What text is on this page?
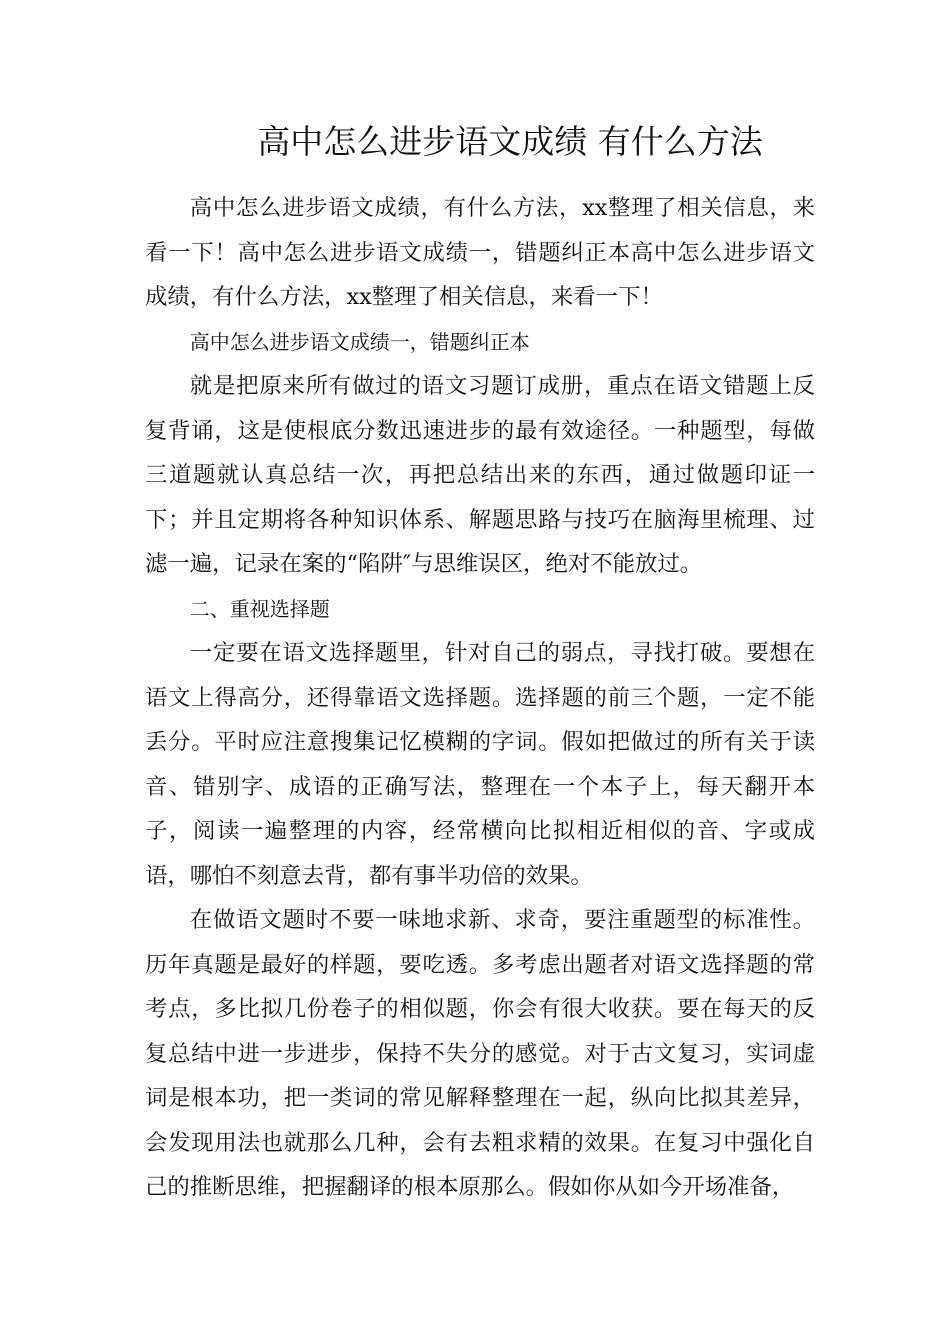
高中怎么进步语文成绩 有什么方法

高中怎么进步语文成绩，有什么方法，xx整理了相关信息，来看一下！高中怎么进步语文成绩一，错题纠正本高中怎么进步语文成绩，有什么方法，xx整理了相关信息，来看一下！

高中怎么进步语文成绩一，错题纠正本

就是把原来所有做过的语文习题订成册，重点在语文错题上反复背诵，这是使根底分数迅速进步的最有效途径。一种题型，每做三道题就认真总结一次，再把总结出来的东西，通过做题印证一下；并且定期将各种知识体系、解题思路与技巧在脑海里梳理、过滤一遍，记录在案的“陷阱″与思维误区，绝对不能放过。

二、重视选择题

一定要在语文选择题里，针对自己的弱点，寻找打破。要想在语文上得高分，还得靠语文选择题。选择题的前三个题，一定不能丢分。平时应注意搜集记忆模糊的字词。假如把做过的所有关于读音、错别字、成语的正确写法，整理在一个本子上，每天翻开本子，阅读一遍整理的内容，经常横向比拟相近相似的音、字或成语，哪怕不刻意去背，都有事半功倍的效果。

在做语文题时不要一味地求新、求奇，要注重题型的标准性。历年真题是最好的样题，要吃透。多考虑出题者对语文选择题的常考点，多比拟几份卷子的相似题，你会有很大收获。要在每天的反复总结中进一步进步，保持不失分的感觉。对于古文复习，实词虚词是根本功，把一类词的常见解释整理在一起，纵向比拟其差异，会发现用法也就那么几种，会有去粗求精的效果。在复习中强化自己的推断思维，把握翻译的根本原那么。假如你从如今开场准备，
